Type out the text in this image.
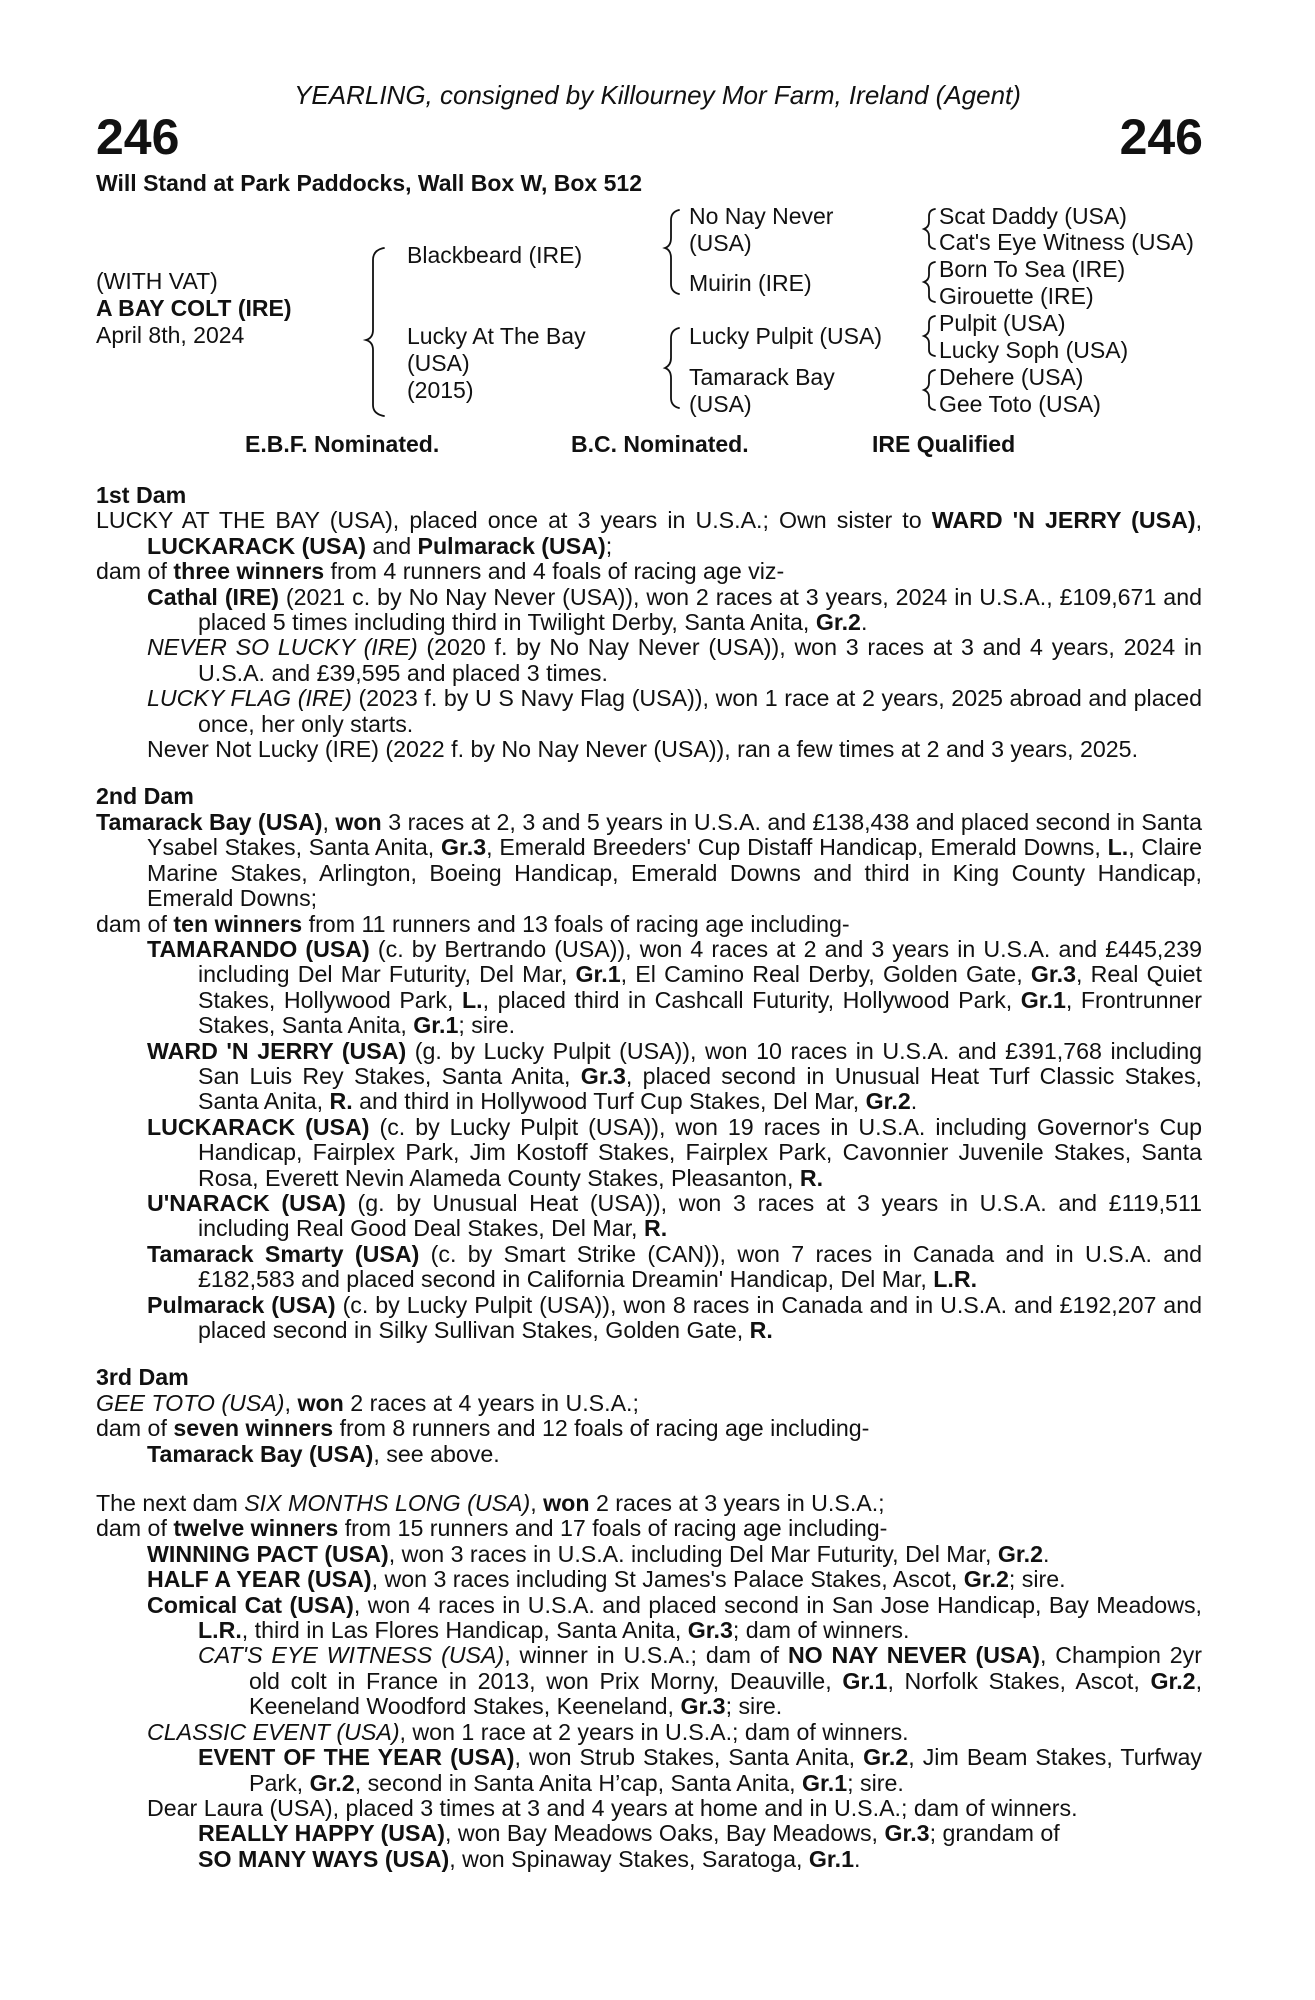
YEARLING, consigned by Killourney Mor Farm, Ireland (Agent)
246	246
Will Stand at Park Paddocks, Wall Box W, Box 512
(WITH VAT)
A BAY COLT (IRE)
April 8th, 2024
Blackbeard (IRE)
Lucky At The Bay
(USA)
(2015)
No Nay Never
(USA)
Muirin (IRE)
Lucky Pulpit (USA)
Tamarack Bay
(USA)
Scat Daddy (USA)
Cat's Eye Witness (USA)
Born To Sea (IRE)
Girouette (IRE)
Pulpit (USA)
Lucky Soph (USA)
Dehere (USA)
Gee Toto (USA)
E.B.F. Nominated.	B.C. Nominated.	IRE Qualified

1st Dam

LUCKY AT THE BAY (USA), placed once at 3 years in U.S.A.; Own sister to WARD 'N JERRY (USA), LUCKARACK (USA) and Pulmarack (USA);

dam of three winners from 4 runners and 4 foals of racing age viz-

Cathal (IRE) (2021 c. by No Nay Never (USA)), won 2 races at 3 years, 2024 in U.S.A., £109,671 and placed 5 times including third in Twilight Derby, Santa Anita, Gr.2.

NEVER SO LUCKY (IRE) (2020 f. by No Nay Never (USA)), won 3 races at 3 and 4 years, 2024 in U.S.A. and £39,595 and placed 3 times.

LUCKY FLAG (IRE) (2023 f. by U S Navy Flag (USA)), won 1 race at 2 years, 2025 abroad and placed once, her only starts.

Never Not Lucky (IRE) (2022 f. by No Nay Never (USA)), ran a few times at 2 and 3 years, 2025.

2nd Dam

Tamarack Bay (USA), won 3 races at 2, 3 and 5 years in U.S.A. and £138,438 and placed second in Santa Ysabel Stakes, Santa Anita, Gr.3, Emerald Breeders' Cup Distaff Handicap, Emerald Downs, L., Claire Marine Stakes, Arlington, Boeing Handicap, Emerald Downs and third in King County Handicap, Emerald Downs;

dam of ten winners from 11 runners and 13 foals of racing age including-

TAMARANDO (USA) (c. by Bertrando (USA)), won 4 races at 2 and 3 years in U.S.A. and £445,239 including Del Mar Futurity, Del Mar, Gr.1, El Camino Real Derby, Golden Gate, Gr.3, Real Quiet Stakes, Hollywood Park, L., placed third in Cashcall Futurity, Hollywood Park, Gr.1, Frontrunner Stakes, Santa Anita, Gr.1; sire.

WARD 'N JERRY (USA) (g. by Lucky Pulpit (USA)), won 10 races in U.S.A. and £391,768 including San Luis Rey Stakes, Santa Anita, Gr.3, placed second in Unusual Heat Turf Classic Stakes, Santa Anita, R. and third in Hollywood Turf Cup Stakes, Del Mar, Gr.2.

LUCKARACK (USA) (c. by Lucky Pulpit (USA)), won 19 races in U.S.A. including Governor's Cup Handicap, Fairplex Park, Jim Kostoff Stakes, Fairplex Park, Cavonnier Juvenile Stakes, Santa Rosa, Everett Nevin Alameda County Stakes, Pleasanton, R.

U'NARACK (USA) (g. by Unusual Heat (USA)), won 3 races at 3 years in U.S.A. and £119,511 including Real Good Deal Stakes, Del Mar, R.

Tamarack Smarty (USA) (c. by Smart Strike (CAN)), won 7 races in Canada and in U.S.A. and £182,583 and placed second in California Dreamin' Handicap, Del Mar, L.R.

Pulmarack (USA) (c. by Lucky Pulpit (USA)), won 8 races in Canada and in U.S.A. and £192,207 and placed second in Silky Sullivan Stakes, Golden Gate, R.

3rd Dam

GEE TOTO (USA), won 2 races at 4 years in U.S.A.;

dam of seven winners from 8 runners and 12 foals of racing age including-

Tamarack Bay (USA), see above.

The next dam SIX MONTHS LONG (USA), won 2 races at 3 years in U.S.A.;

dam of twelve winners from 15 runners and 17 foals of racing age including-

WINNING PACT (USA), won 3 races in U.S.A. including Del Mar Futurity, Del Mar, Gr.2.

HALF A YEAR (USA), won 3 races including St James's Palace Stakes, Ascot, Gr.2; sire.

Comical Cat (USA), won 4 races in U.S.A. and placed second in San Jose Handicap, Bay Meadows, L.R., third in Las Flores Handicap, Santa Anita, Gr.3; dam of winners.

CAT'S EYE WITNESS (USA), winner in U.S.A.; dam of NO NAY NEVER (USA), Champion 2yr old colt in France in 2013, won Prix Morny, Deauville, Gr.1, Norfolk Stakes, Ascot, Gr.2, Keeneland Woodford Stakes, Keeneland, Gr.3; sire.

CLASSIC EVENT (USA), won 1 race at 2 years in U.S.A.; dam of winners.

EVENT OF THE YEAR (USA), won Strub Stakes, Santa Anita, Gr.2, Jim Beam Stakes, Turfway Park, Gr.2, second in Santa Anita H’cap, Santa Anita, Gr.1; sire.

Dear Laura (USA), placed 3 times at 3 and 4 years at home and in U.S.A.; dam of winners.

REALLY HAPPY (USA), won Bay Meadows Oaks, Bay Meadows, Gr.3; grandam of

SO MANY WAYS (USA), won Spinaway Stakes, Saratoga, Gr.1.
